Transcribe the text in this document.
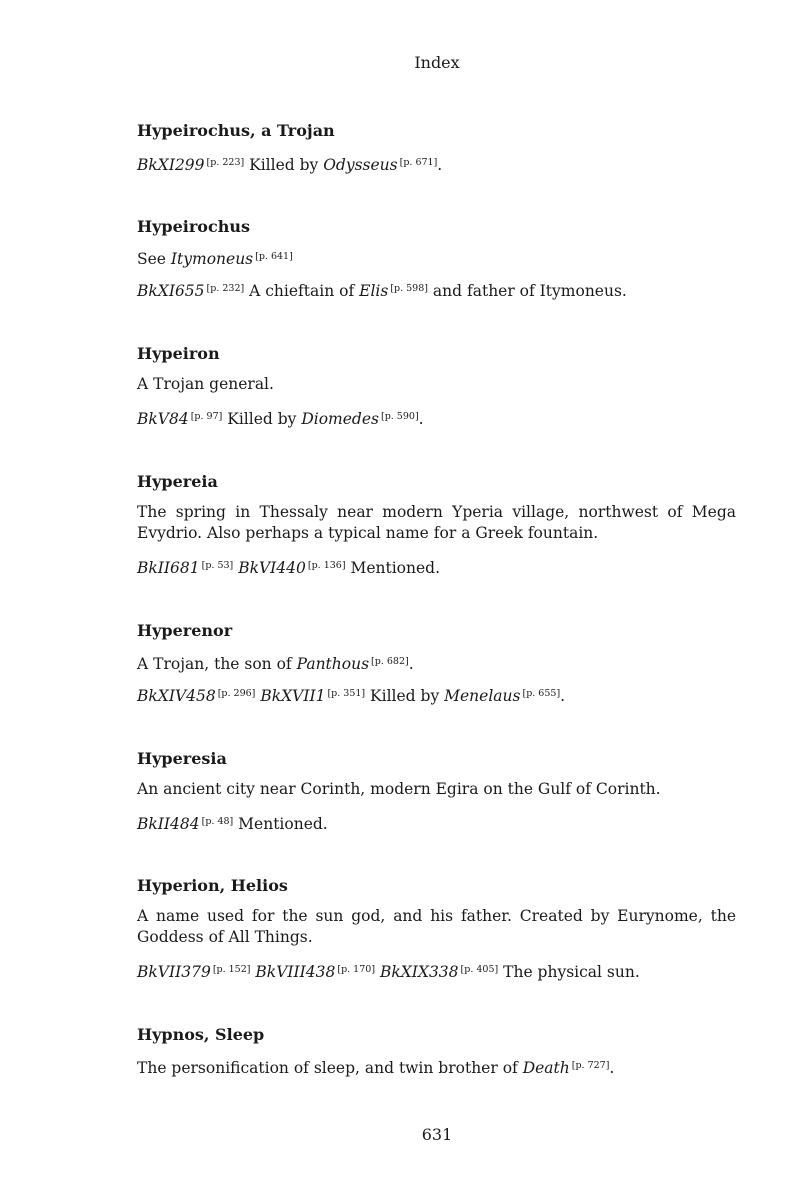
Index
Hypeirochus, a Trojan

BkXI299 [p. 223] Killed by Odysseus [p. 671].

Hypeirochus

See Itymoneus [p. 641]

BkXI655 [p. 232] A chieftain of Elis [p. 598] and father of Itymoneus.

Hypeiron

A Trojan general.

BkV84 [p. 97] Killed by Diomedes [p. 590].

Hypereia

The spring in Thessaly near modern Yperia village, northwest of Mega Evydrio. Also perhaps a typical name for a Greek fountain.

BkII681 [p. 53] BkVI440 [p. 136] Mentioned.

Hyperenor

A Trojan, the son of Panthous [p. 682].

BkXIV458 [p. 296] BkXVII1 [p. 351] Killed by Menelaus [p. 655].

Hyperesia

An ancient city near Corinth, modern Egira on the Gulf of Corinth.

BkII484 [p. 48] Mentioned.

Hyperion, Helios

A name used for the sun god, and his father. Created by Eurynome, the Goddess of All Things.

BkVII379 [p. 152] BkVIII438 [p. 170] BkXIX338 [p. 405] The physical sun.

Hypnos, Sleep

The personification of sleep, and twin brother of Death [p. 727].

631
